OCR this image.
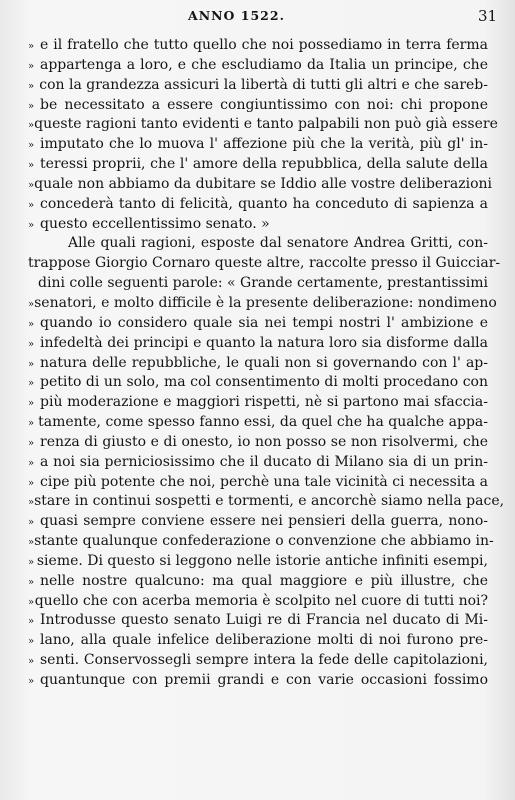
ANNO 1522.	31
» e il fratello che tutto quello che noi possediamo in terra ferma
» appartenga a loro, e che escludiamo da Italia un principe, che
» con la grandezza assicuri la libertà di tutti gli altri e che sareb-
» be necessitato a essere congiuntissimo con noi: chi propone
» queste ragioni tanto evidenti e tanto palpabili non può già essere
» imputato che lo muova l' affezione più che la verità, più gl' in-
» teressi proprii, che l' amore della repubblica, della salute della
» quale non abbiamo da dubitare se Iddio alle vostre deliberazioni
» concederà tanto di felicità, quanto ha conceduto di sapienza a
» questo eccellentissimo senato. »
Alle quali ragioni, esposte dal senatore Andrea Gritti, con-
trappose Giorgio Cornaro queste altre, raccolte presso il Guicciar-
dini colle seguenti parole: « Grande certamente, prestantissimi
» senatori, e molto difficile è la presente deliberazione: nondimeno
» quando io considero quale sia nei tempi nostri l' ambizione e
» infedeltà dei principi e quanto la natura loro sia disforme dalla
» natura delle repubbliche, le quali non si governando con l' ap-
» petito di un solo, ma col consentimento di molti procedano con
» più moderazione e maggiori rispetti, nè si partono mai sfaccia-
» tamente, come spesso fanno essi, da quel che ha qualche appa-
» renza di giusto e di onesto, io non posso se non risolvermi, che
» a noi sia perniciosissimo che il ducato di Milano sia di un prin-
» cipe più potente che noi, perchè una tale vicinità ci necessita a
» stare in continui sospetti e tormenti, e ancorchè siamo nella pace,
» quasi sempre conviene essere nei pensieri della guerra, nono-
» stante qualunque confederazione o convenzione che abbiamo in-
» sieme. Di questo si leggono nelle istorie antiche infiniti esempi,
» nelle nostre qualcuno: ma qual maggiore e più illustre, che
» quello che con acerba memoria è scolpito nel cuore di tutti noi?
» Introdusse questo senato Luigi re di Francia nel ducato di Mi-
» lano, alla quale infelice deliberazione molti di noi furono pre-
» senti. Conservossegli sempre intera la fede delle capitolazioni,
» quantunque con premii grandi e con varie occasioni fossimo
